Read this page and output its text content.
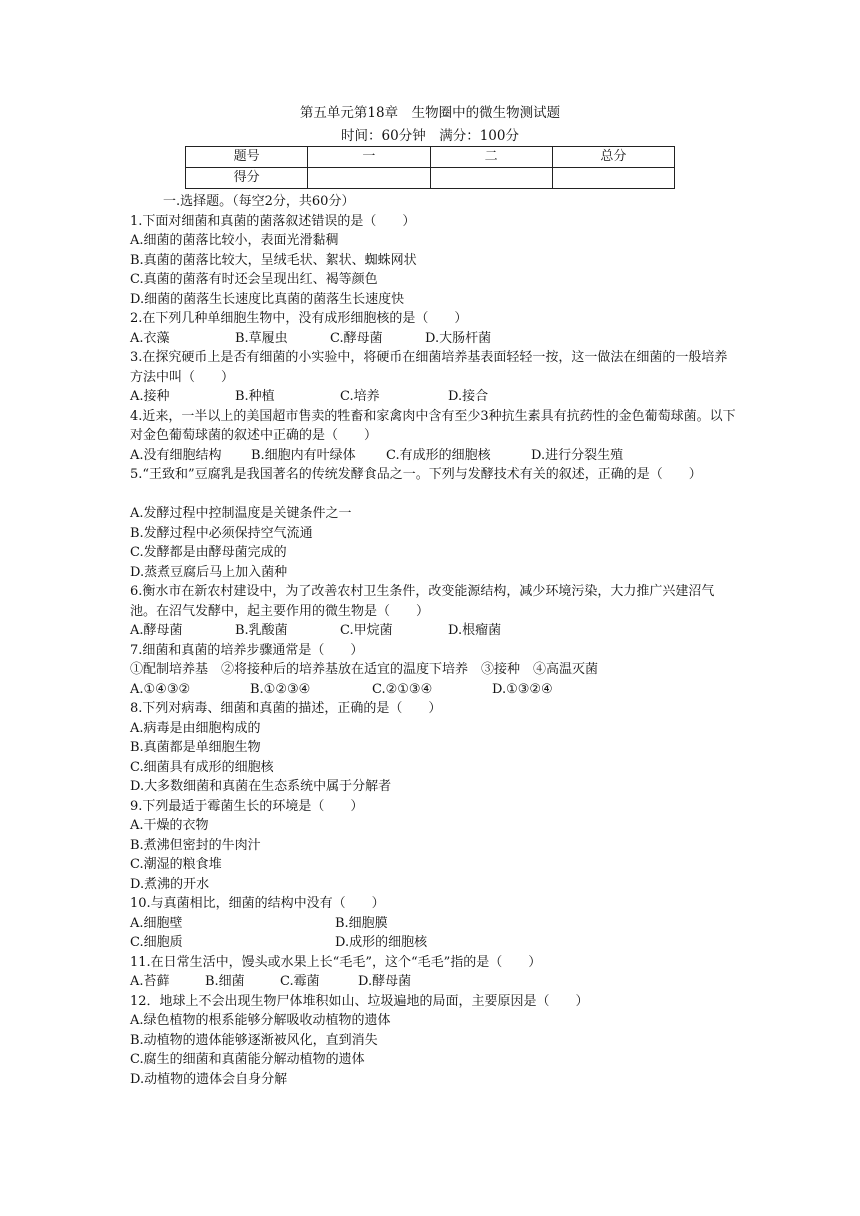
第五单元第18章　生物圈中的微生物测试题
时间：60分钟　满分：100分
题号	一	二	总分
得分			
一.选择题。（每空2分，共60分）
1.下面对细菌和真菌的菌落叙述错误的是（　　）
A.细菌的菌落比较小，表面光滑黏稠
B.真菌的菌落比较大，呈绒毛状、絮状、蜘蛛网状
C.真菌的菌落有时还会呈现出红、褐等颜色
D.细菌的菌落生长速度比真菌的菌落生长速度快
2.在下列几种单细胞生物中，没有成形细胞核的是（　　）
A.衣藻	B.草履虫	C.酵母菌	D.大肠杆菌
3.在探究硬币上是否有细菌的小实验中，将硬币在细菌培养基表面轻轻一按，这一做法在细菌的一般培养方法中叫（　　）
A.接种	B.种植	C.培养	D.接合
4.近来，一半以上的美国超市售卖的牲畜和家禽肉中含有至少3种抗生素具有抗药性的金色葡萄球菌。以下对金色葡萄球菌的叙述中正确的是（　　）
A.没有细胞结构 B.细胞内有叶绿体 C.有成形的细胞核	D.进行分裂生殖
5.“王致和”豆腐乳是我国著名的传统发酵食品之一。下列与发酵技术有关的叙述，正确的是（　　）
A.发酵过程中控制温度是关键条件之一
B.发酵过程中必须保持空气流通
C.发酵都是由酵母菌完成的
D.蒸煮豆腐后马上加入菌种
6.衡水市在新农村建设中，为了改善农村卫生条件，改变能源结构，减少环境污染，大力推广兴建沼气池。在沼气发酵中，起主要作用的微生物是（　　）
A.酵母菌	B.乳酸菌	C.甲烷菌	D.根瘤菌
7.细菌和真菌的培养步骤通常是（　　）
①配制培养基　②将接种后的培养基放在适宜的温度下培养　③接种　④高温灭菌
A.①④③②	B.①②③④	C.②①③④	D.①③②④
8.下列对病毒、细菌和真菌的描述，正确的是（　　）
A.病毒是由细胞构成的
B.真菌都是单细胞生物
C.细菌具有成形的细胞核
D.大多数细菌和真菌在生态系统中属于分解者
9.下列最适于霉菌生长的环境是（　　）
A.干燥的衣物
B.煮沸但密封的牛肉汁
C.潮湿的粮食堆
D.煮沸的开水
10.与真菌相比，细菌的结构中没有（　　）
A.细胞壁	B.细胞膜
C.细胞质	D.成形的细胞核
11.在日常生活中，馒头或水果上长“毛毛”，这个“毛毛”指的是（　　）
A.苔藓	B.细菌	C.霉菌	D.酵母菌
12．地球上不会出现生物尸体堆积如山、垃圾遍地的局面，主要原因是（　　）
A.绿色植物的根系能够分解吸收动植物的遗体
B.动植物的遗体能够逐渐被风化，直到消失
C.腐生的细菌和真菌能分解动植物的遗体
D.动植物的遗体会自身分解
